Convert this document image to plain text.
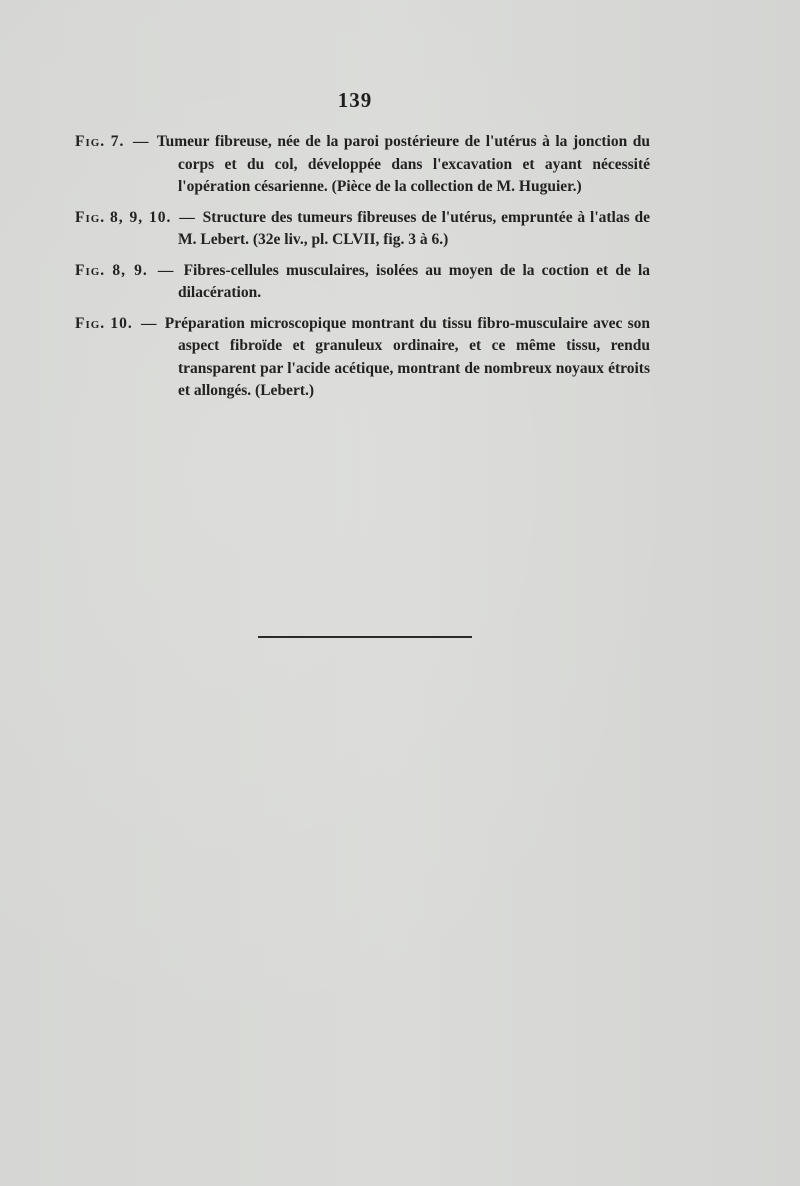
139

Fig. 7. — Tumeur fibreuse, née de la paroi postérieure de l'utérus à la jonction du corps et du col, développée dans l'excavation et ayant nécessité l'opération césarienne. (Pièce de la collection de M. Huguier.)

Fig. 8, 9, 10. — Structure des tumeurs fibreuses de l'utérus, empruntée à l'atlas de M. Lebert. (32e liv., pl. CLVII, fig. 3 à 6.)

Fig. 8, 9. — Fibres-cellules musculaires, isolées au moyen de la coction et de la dilacération.

Fig. 10. — Préparation microscopique montrant du tissu fibro-musculaire avec son aspect fibroïde et granuleux ordinaire, et ce même tissu, rendu transparent par l'acide acétique, montrant de nombreux noyaux étroits et allongés. (Lebert.)
